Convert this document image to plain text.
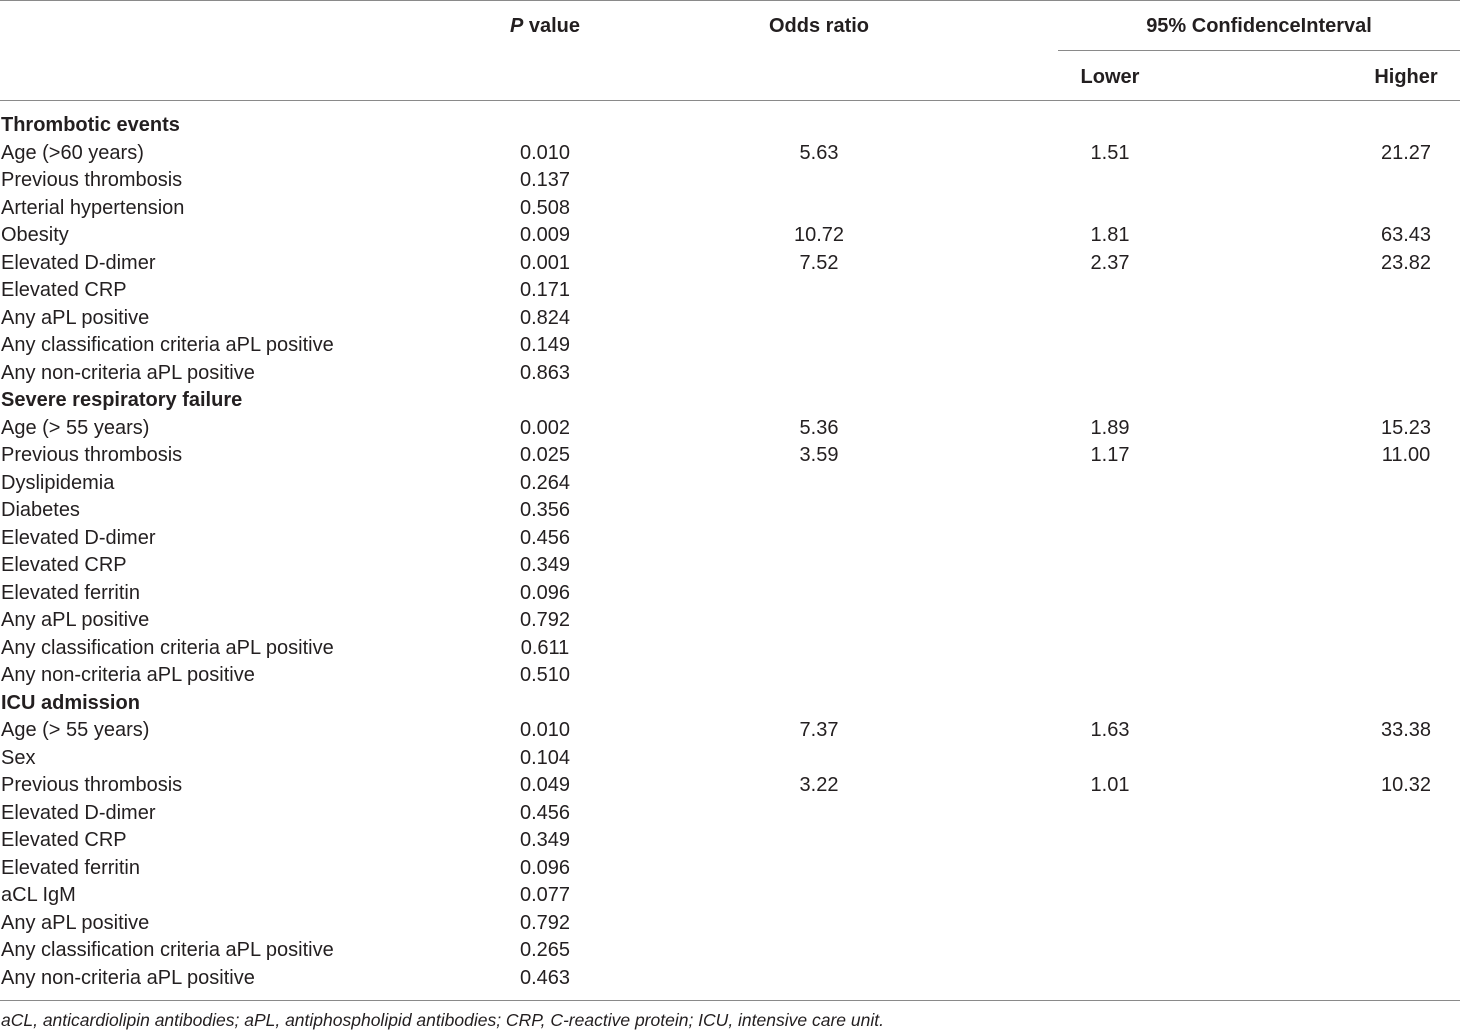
P value	Odds ratio	95% ConfidenceInterval
Lower	Higher
Thrombotic events
Age (>60 years)	0.010	5.63	1.51	21.27
Previous thrombosis	0.137
Arterial hypertension	0.508
Obesity	0.009	10.72	1.81	63.43
Elevated D-dimer	0.001	7.52	2.37	23.82
Elevated CRP	0.171
Any aPL positive	0.824
Any classification criteria aPL positive	0.149
Any non-criteria aPL positive	0.863
Severe respiratory failure
Age (> 55 years)	0.002	5.36	1.89	15.23
Previous thrombosis	0.025	3.59	1.17	11.00
Dyslipidemia	0.264
Diabetes	0.356
Elevated D-dimer	0.456
Elevated CRP	0.349
Elevated ferritin	0.096
Any aPL positive	0.792
Any classification criteria aPL positive	0.611
Any non-criteria aPL positive	0.510
ICU admission
Age (> 55 years)	0.010	7.37	1.63	33.38
Sex	0.104
Previous thrombosis	0.049	3.22	1.01	10.32
Elevated D-dimer	0.456
Elevated CRP	0.349
Elevated ferritin	0.096
aCL IgM	0.077
Any aPL positive	0.792
Any classification criteria aPL positive	0.265
Any non-criteria aPL positive	0.463
aCL, anticardiolipin antibodies; aPL, antiphospholipid antibodies; CRP, C-reactive protein; ICU, intensive care unit.
